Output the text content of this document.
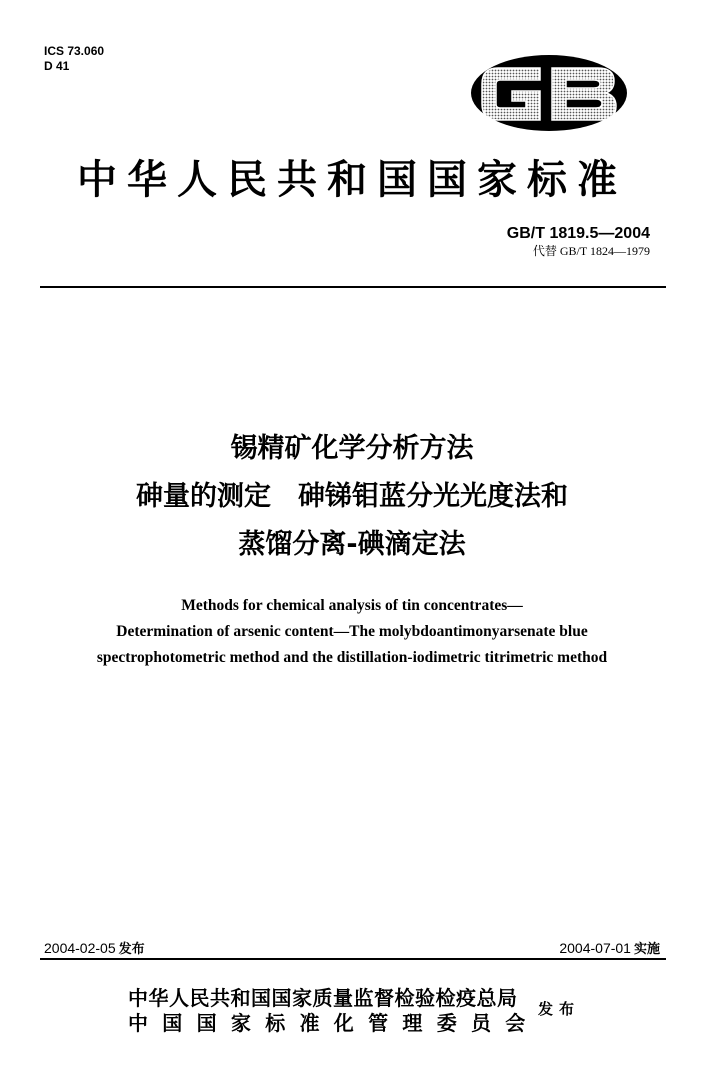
ICS 73.060
D 41
中华人民共和国国家标准
GB/T 1819.5—2004
代替 GB/T 1824—1979
锡精矿化学分析方法
砷量的测定　砷锑钼蓝分光光度法和
蒸馏分离-碘滴定法
Methods for chemical analysis of tin concentrates—
Determination of arsenic content—The molybdoantimonyarsenate blue
spectrophotometric method and the distillation-iodimetric titrimetric method
2004-02-05 发布	2004-07-01 实施
中华人民共和国国家质量监督检验检疫总局
中国国家标准化管理委员会
发布
